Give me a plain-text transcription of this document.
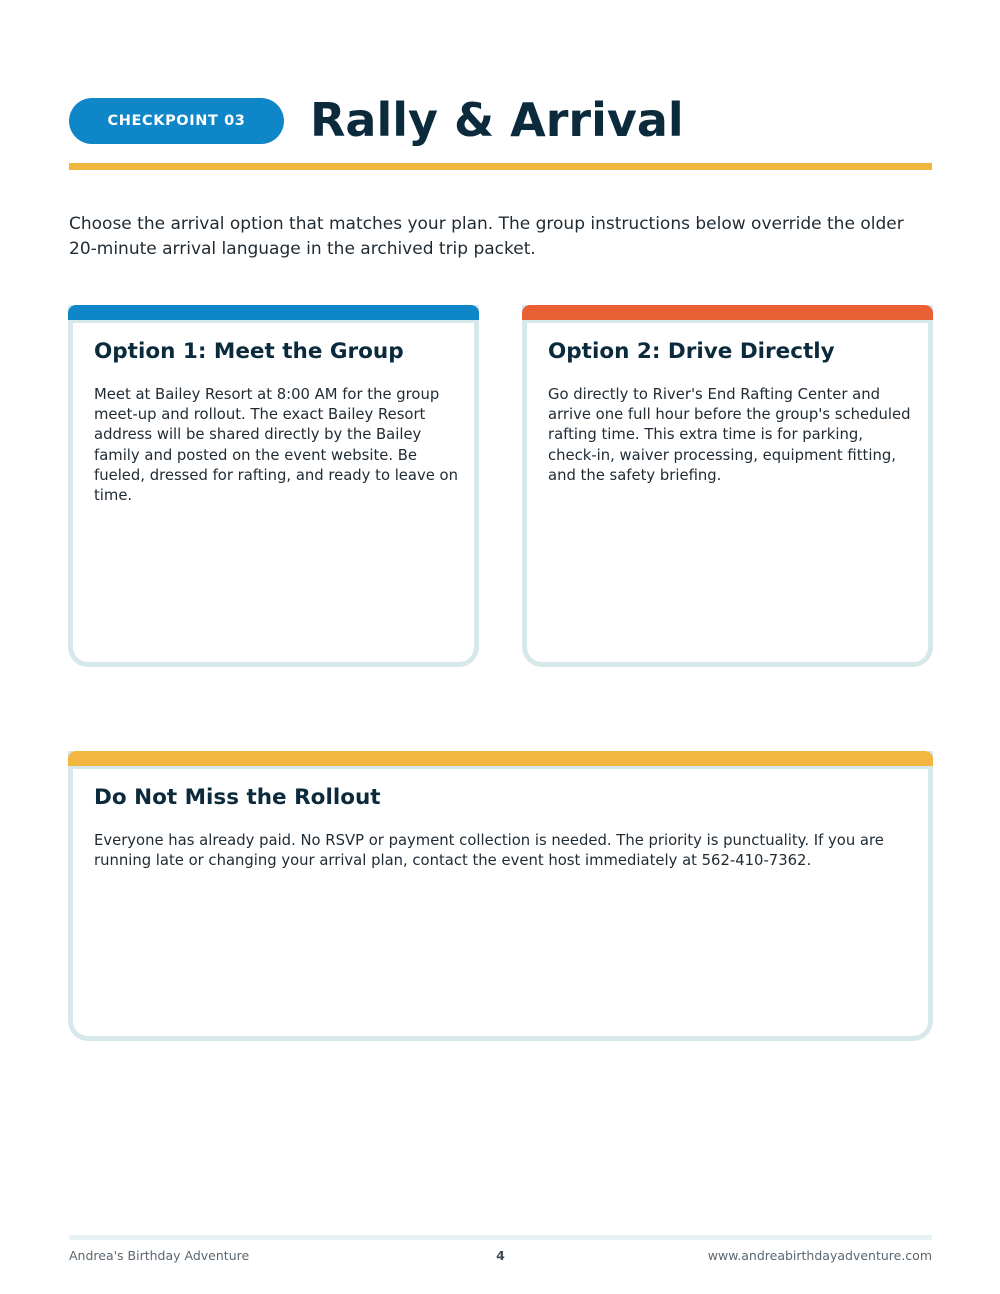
CHECKPOINT 03	Rally & Arrival

Choose the arrival option that matches your plan. The group instructions below override the older 20-minute arrival language in the archived trip packet.

Option 1: Meet the Group

Meet at Bailey Resort at 8:00 AM for the group meet-up and rollout. The exact Bailey Resort address will be shared directly by the Bailey family and posted on the event website. Be fueled, dressed for rafting, and ready to leave on time.

Option 2: Drive Directly

Go directly to River's End Rafting Center and arrive one full hour before the group's scheduled rafting time. This extra time is for parking, check-in, waiver processing, equipment fitting, and the safety briefing.

Do Not Miss the Rollout

Everyone has already paid. No RSVP or payment collection is needed. The priority is punctuality. If you are running late or changing your arrival plan, contact the event host immediately at 562-410-7362.

Andrea's Birthday Adventure	4	www.andreabirthdayadventure.com
